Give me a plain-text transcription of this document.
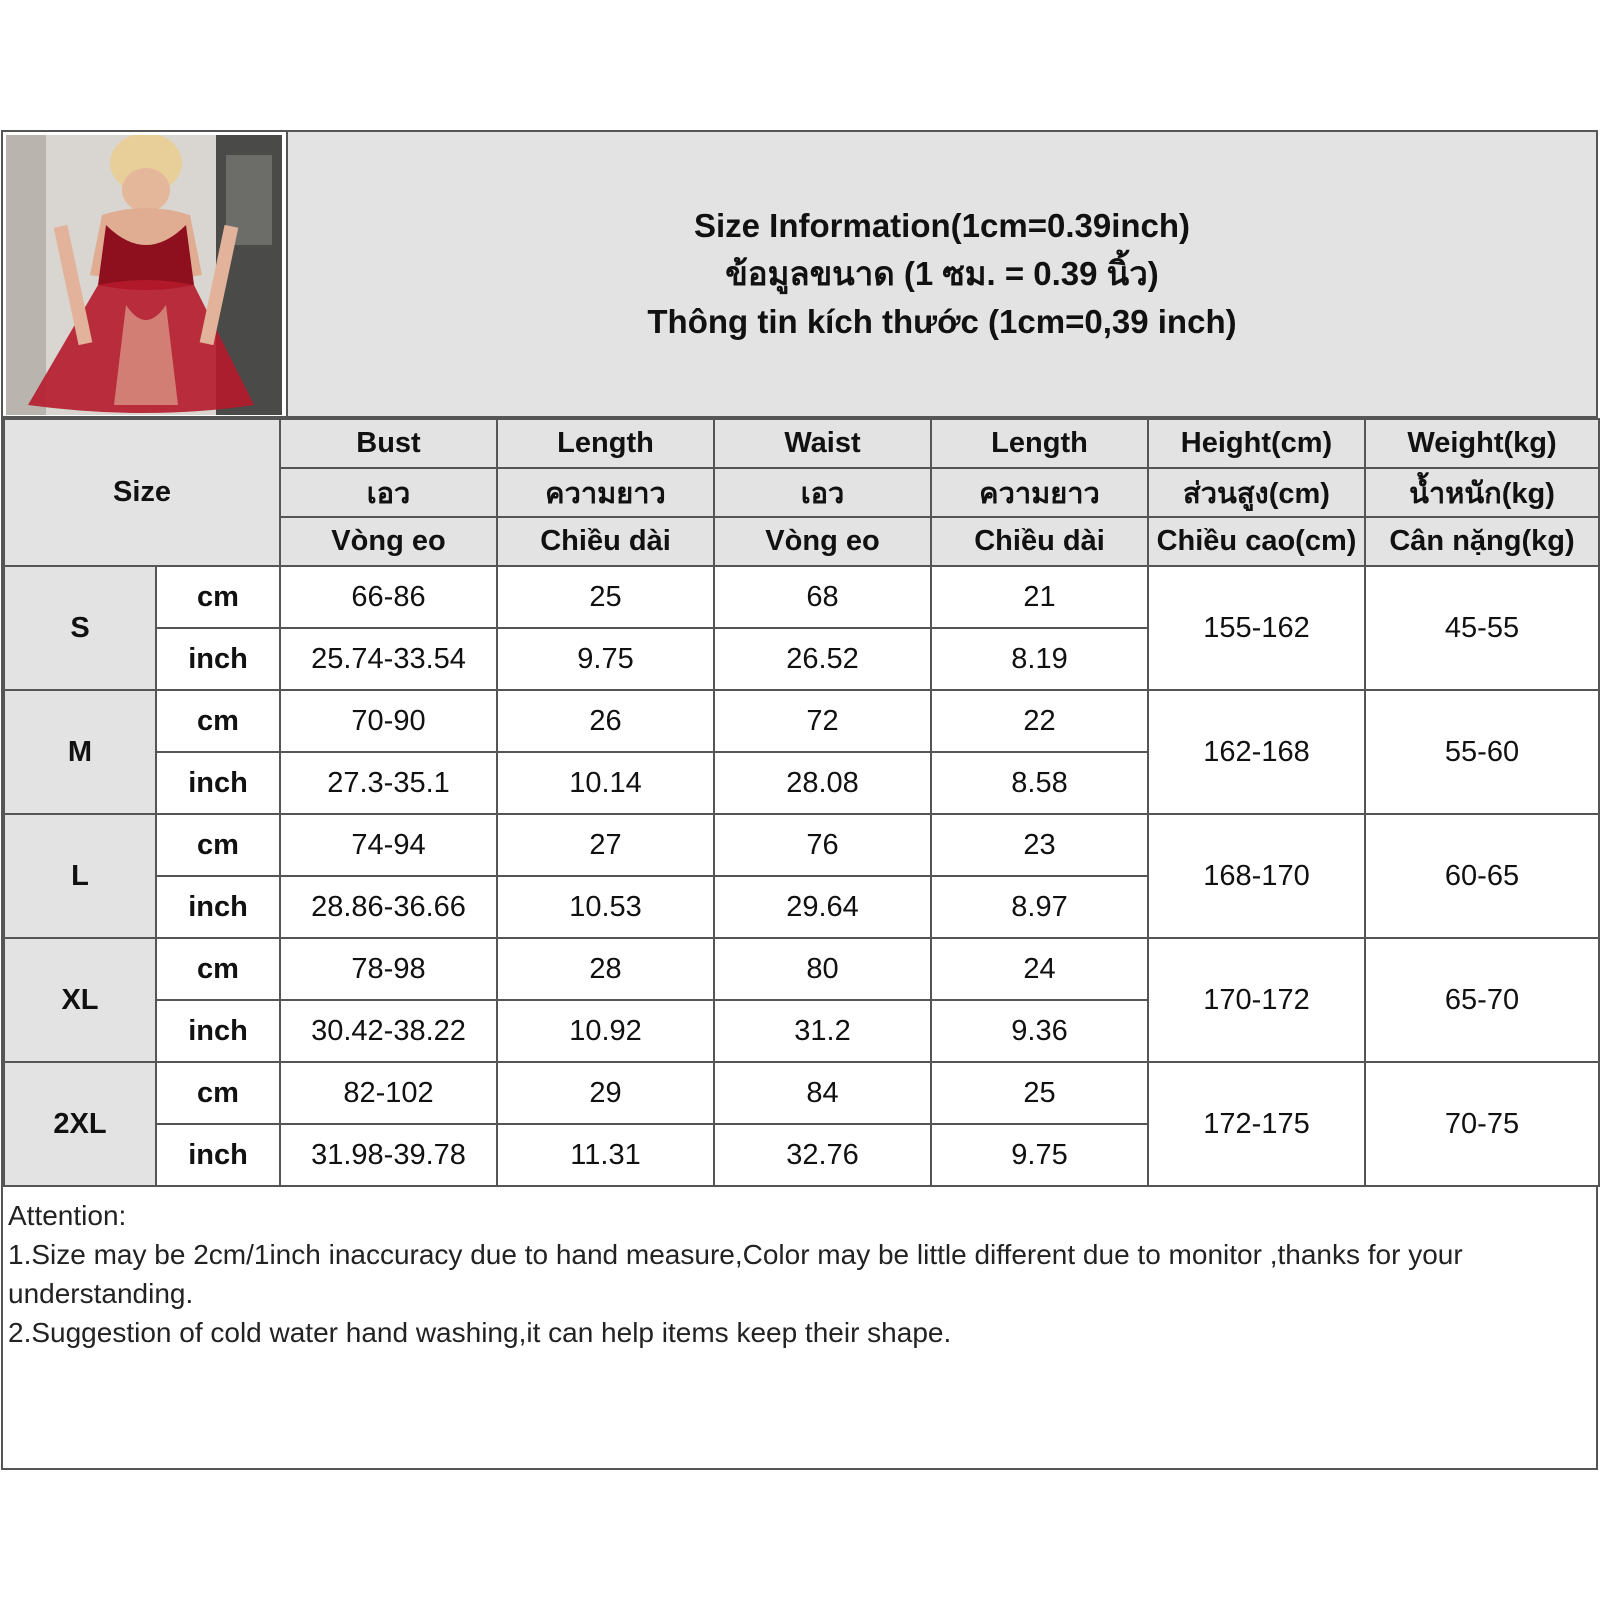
Size Information(1cm=0.39inch)
ข้อมูลขนาด (1 ซม. = 0.39 นิ้ว)
Thông tin kích thước (1cm=0,39 inch)
Size		Bust	Length	Waist	Length	Height(cm)	Weight(kg)
		เอว	ความยาว	เอว	ความยาว	ส่วนสูง(cm)	น้ำหนัก(kg)
		Vòng eo	Chiều dài	Vòng eo	Chiều dài	Chiều cao(cm)	Cân nặng(kg)
S	cm	66-86	25	68	21	155-162	45-55
	inch	25.74-33.54	9.75	26.52	8.19		
M	cm	70-90	26	72	22	162-168	55-60
	inch	27.3-35.1	10.14	28.08	8.58		
L	cm	74-94	27	76	23	168-170	60-65
	inch	28.86-36.66	10.53	29.64	8.97		
XL	cm	78-98	28	80	24	170-172	65-70
	inch	30.42-38.22	10.92	31.2	9.36		
2XL	cm	82-102	29	84	25	172-175	70-75
	inch	31.98-39.78	11.31	32.76	9.75		
Attention:
1.Size may be 2cm/1inch inaccuracy due to hand measure,Color may be little different due to monitor ,thanks for your understanding.
2.Suggestion of cold water hand washing,it can help items keep their shape.
